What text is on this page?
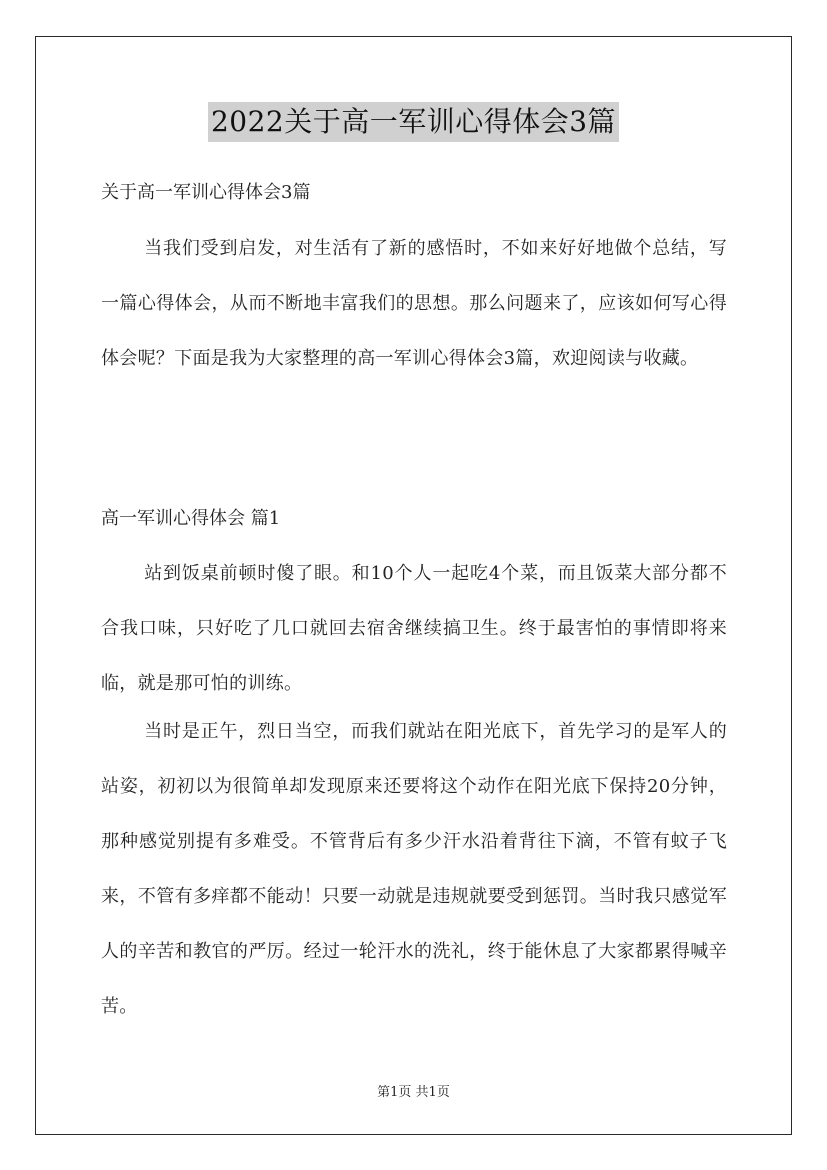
2022关于高一军训心得体会3篇

关于高一军训心得体会3篇

当我们受到启发，对生活有了新的感悟时，不如来好好地做个总结，写一篇心得体会，从而不断地丰富我们的思想。那么问题来了，应该如何写心得体会呢？下面是我为大家整理的高一军训心得体会3篇，欢迎阅读与收藏。

高一军训心得体会 篇1

站到饭桌前顿时傻了眼。和10个人一起吃4个菜，而且饭菜大部分都不合我口味，只好吃了几口就回去宿舍继续搞卫生。终于最害怕的事情即将来临，就是那可怕的训练。

当时是正午，烈日当空，而我们就站在阳光底下，首先学习的是军人的站姿，初初以为很简单却发现原来还要将这个动作在阳光底下保持20分钟，那种感觉别提有多难受。不管背后有多少汗水沿着背往下滴，不管有蚊子飞来，不管有多痒都不能动！只要一动就是违规就要受到惩罚。当时我只感觉军人的辛苦和教官的严厉。经过一轮汗水的洗礼，终于能休息了大家都累得喊辛苦。

第1页 共1页
